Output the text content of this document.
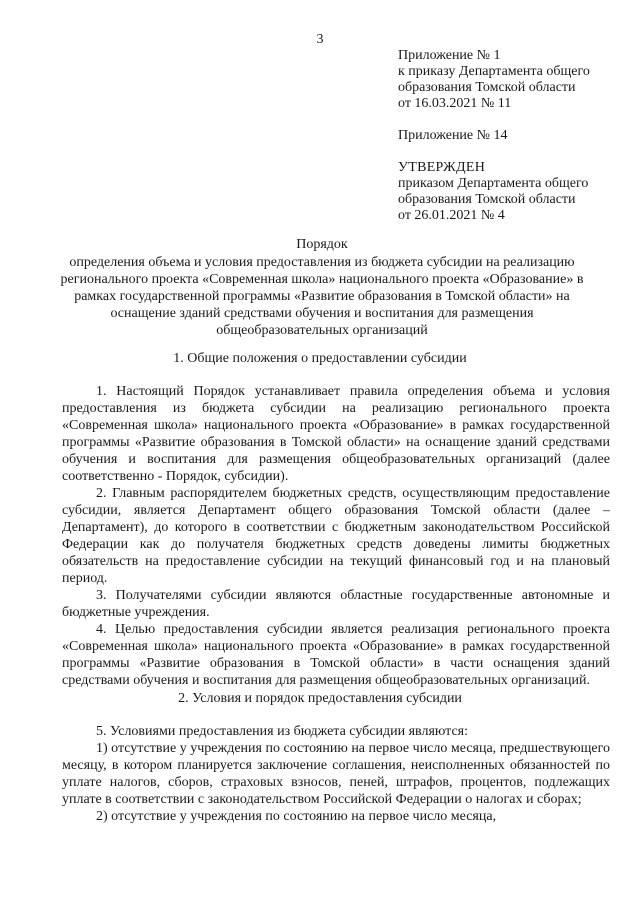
3

Приложение № 1

к приказу Департамента общего

образования Томской области

от 16.03.2021 № 11

Приложение № 14

УТВЕРЖДЕН

приказом Департамента общего

образования Томской области

от 26.01.2021 № 4

Порядок

определения объема и условия предоставления из бюджета субсидии на реализацию

регионального проекта «Современная школа» национального проекта «Образование» в

рамках государственной программы «Развитие образования в Томской области» на

оснащение зданий средствами обучения и воспитания для размещения

общеобразовательных организаций

1. Общие положения о предоставлении субсидии

1. Настоящий Порядок устанавливает правила определения объема и условия предоставления из бюджета субсидии на реализацию регионального проекта «Современная школа» национального проекта «Образование» в рамках государственной программы «Развитие образования в Томской области» на оснащение зданий средствами обучения и воспитания для размещения общеобразовательных организаций (далее соответственно - Порядок, субсидии).

2. Главным распорядителем бюджетных средств, осуществляющим предоставление субсидии, является Департамент общего образования Томской области (далее – Департамент), до которого в соответствии с бюджетным законодательством Российской Федерации как до получателя бюджетных средств доведены лимиты бюджетных обязательств на предоставление субсидии на текущий финансовый год и на плановый период.

3. Получателями субсидии являются областные государственные автономные и бюджетные учреждения.

4. Целью предоставления субсидии является реализация регионального проекта «Современная школа» национального проекта «Образование» в рамках государственной программы «Развитие образования в Томской области» в части оснащения зданий средствами обучения и воспитания для размещения общеобразовательных организаций.

2. Условия и порядок предоставления субсидии

5. Условиями предоставления из бюджета субсидии являются:

1) отсутствие у учреждения по состоянию на первое число месяца, предшествующего месяцу, в котором планируется заключение соглашения, неисполненных обязанностей по уплате налогов, сборов, страховых взносов, пеней, штрафов, процентов, подлежащих уплате в соответствии с законодательством Российской Федерации о налогах и сборах;

2) отсутствие у учреждения по состоянию на первое число месяца,
